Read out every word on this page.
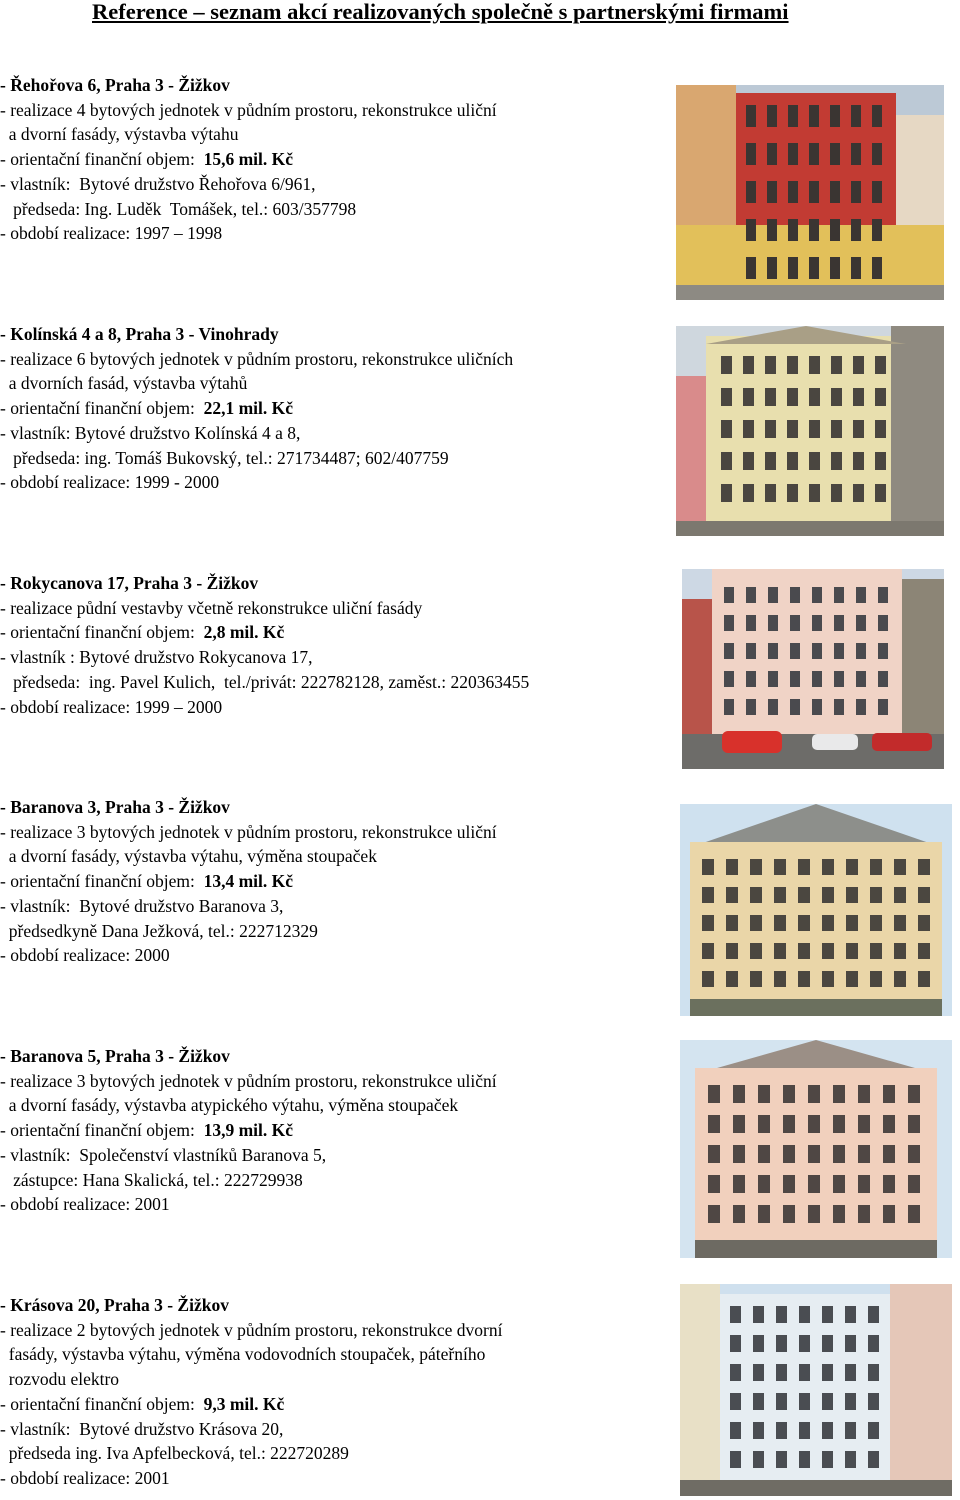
Reference – seznam akcí realizovaných společně s partnerskými firmami
- Řehořova 6, Praha 3 - Žižkov
- realizace 4 bytových jednotek v půdním prostoru, rekonstrukce uliční
a dvorní fasády, výstavba výtahu
- orientační finanční objem:  15,6 mil. Kč
- vlastník:  Bytové družstvo Řehořova 6/961,
předseda: Ing. Luděk  Tomášek, tel.: 603/357798
- období realizace: 1997 – 1998
- Kolínská 4 a 8, Praha 3 - Vinohrady
- realizace 6 bytových jednotek v půdním prostoru, rekonstrukce uličních
a dvorních fasád, výstavba výtahů
- orientační finanční objem:  22,1 mil. Kč
- vlastník: Bytové družstvo Kolínská 4 a 8,
předseda: ing. Tomáš Bukovský, tel.: 271734487; 602/407759
- období realizace: 1999 - 2000
- Rokycanova 17, Praha 3 - Žižkov
- realizace půdní vestavby včetně rekonstrukce uliční fasády
- orientační finanční objem:  2,8 mil. Kč
- vlastník : Bytové družstvo Rokycanova 17,
předseda:  ing. Pavel Kulich,  tel./privát: 222782128, zaměst.: 220363455
- období realizace: 1999 – 2000
- Baranova 3, Praha 3 - Žižkov
- realizace 3 bytových jednotek v půdním prostoru, rekonstrukce uliční
a dvorní fasády, výstavba výtahu, výměna stoupaček
- orientační finanční objem:  13,4 mil. Kč
- vlastník:  Bytové družstvo Baranova 3,
předsedkyně Dana Ježková, tel.: 222712329
- období realizace: 2000
- Baranova 5, Praha 3 - Žižkov
- realizace 3 bytových jednotek v půdním prostoru, rekonstrukce uliční
a dvorní fasády, výstavba atypického výtahu, výměna stoupaček
- orientační finanční objem:  13,9 mil. Kč
- vlastník:  Společenství vlastníků Baranova 5,
zástupce: Hana Skalická, tel.: 222729938
- období realizace: 2001
- Krásova 20, Praha 3 - Žižkov
- realizace 2 bytových jednotek v půdním prostoru, rekonstrukce dvorní
fasády, výstavba výtahu, výměna vodovodních stoupaček, páteřního
rozvodu elektro
- orientační finanční objem:  9,3 mil. Kč
- vlastník:  Bytové družstvo Krásova 20,
předseda ing. Iva Apfelbecková, tel.: 222720289
- období realizace: 2001
